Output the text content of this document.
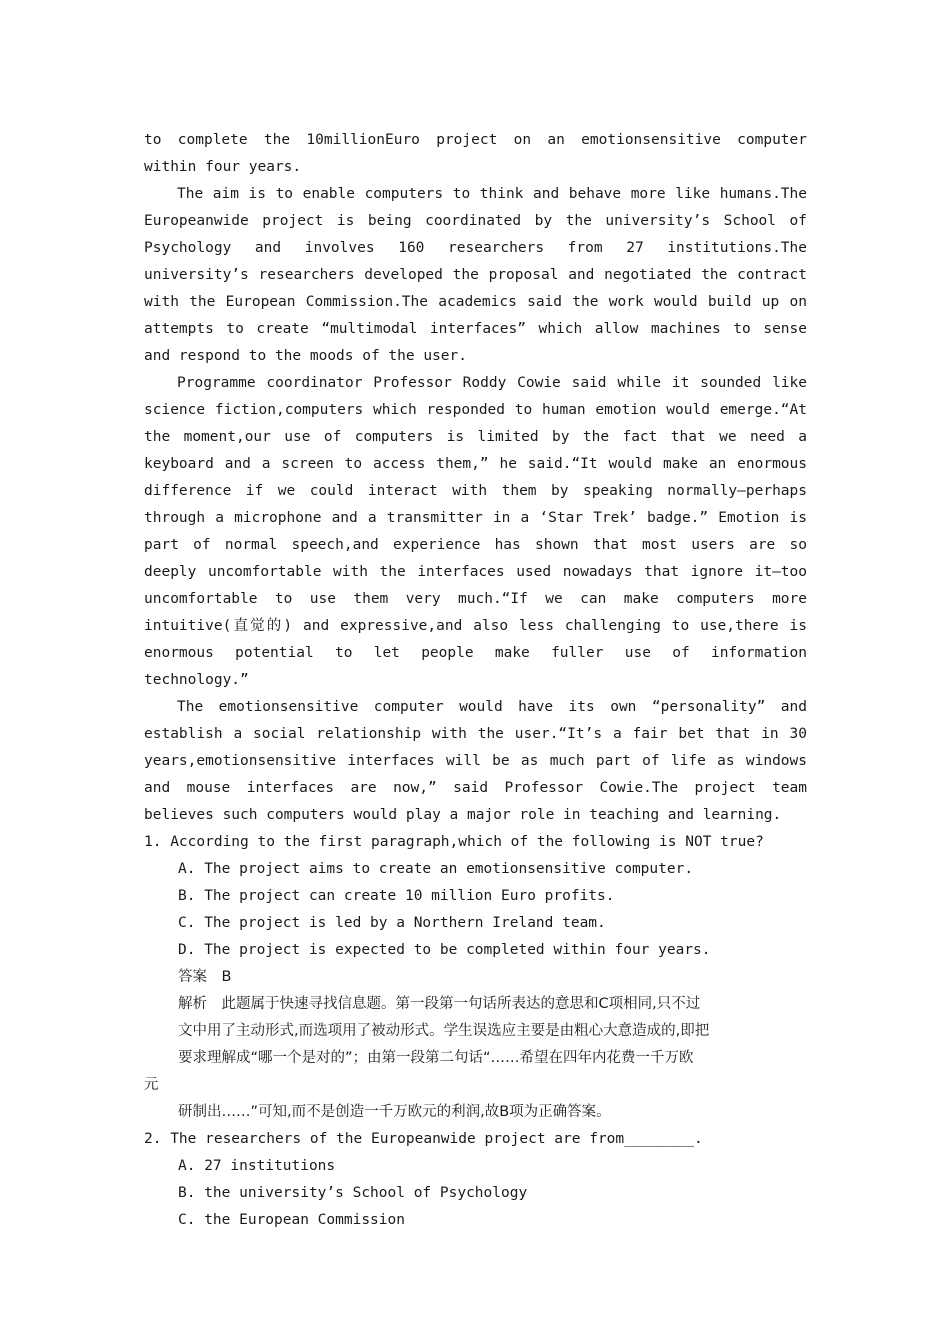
to complete the 10millionEuro project on an emotionsensitive computer within four years.

The aim is to enable computers to think and behave more like humans.The Europeanwide project is being coordinated by the university’s School of Psychology and involves 160 researchers from 27 institutions.The university’s researchers developed the proposal and negotiated the contract with the European Commission.The academics said the work would build up on attempts to create “multimodal interfaces” which allow machines to sense and respond to the moods of the user.

Programme coordinator Professor Roddy Cowie said while it sounded like science fiction,computers which responded to human emotion would emerge.“At the moment,our use of computers is limited by the fact that we need a keyboard and a screen to access them,” he said.“It would make an enormous difference if we could interact with them by speaking normally—perhaps through a microphone and a transmitter in a ‘Star Trek’ badge.” Emotion is part of normal speech,and experience has shown that most users are so deeply uncomfortable with the interfaces used nowadays that ignore it—too uncomfortable to use them very much.“If we can make computers more intuitive(直觉的) and expressive,and also less challenging to use,there is enormous potential to let people make fuller use of information technology.”

The emotionsensitive computer would have its own “personality” and establish a social relationship with the user.“It’s a fair bet that in 30 years,emotionsensitive interfaces will be as much part of life as windows and mouse interfaces are now,” said Professor Cowie.The project team believes such computers would play a major role in teaching and learning.

1. According to the first paragraph,which of the following is NOT true?

A. The project aims to create an emotionsensitive computer.

B. The project can create 10 million Euro profits.

C. The project is led by a Northern Ireland team.

D. The project is expected to be completed within four years.

答案　B

解析　此题属于快速寻找信息题。第一段第一句话所表达的意思和C项相同,只不过

文中用了主动形式,而选项用了被动形式。学生误选应主要是由粗心大意造成的,即把

要求理解成“哪一个是对的”；由第一段第二句话“……希望在四年内花费一千万欧

元

研制出……”可知,而不是创造一千万欧元的利润,故B项为正确答案。

2. The researchers of the Europeanwide project are from________.

A. 27 institutions

B. the university’s School of Psychology

C. the European Commission
